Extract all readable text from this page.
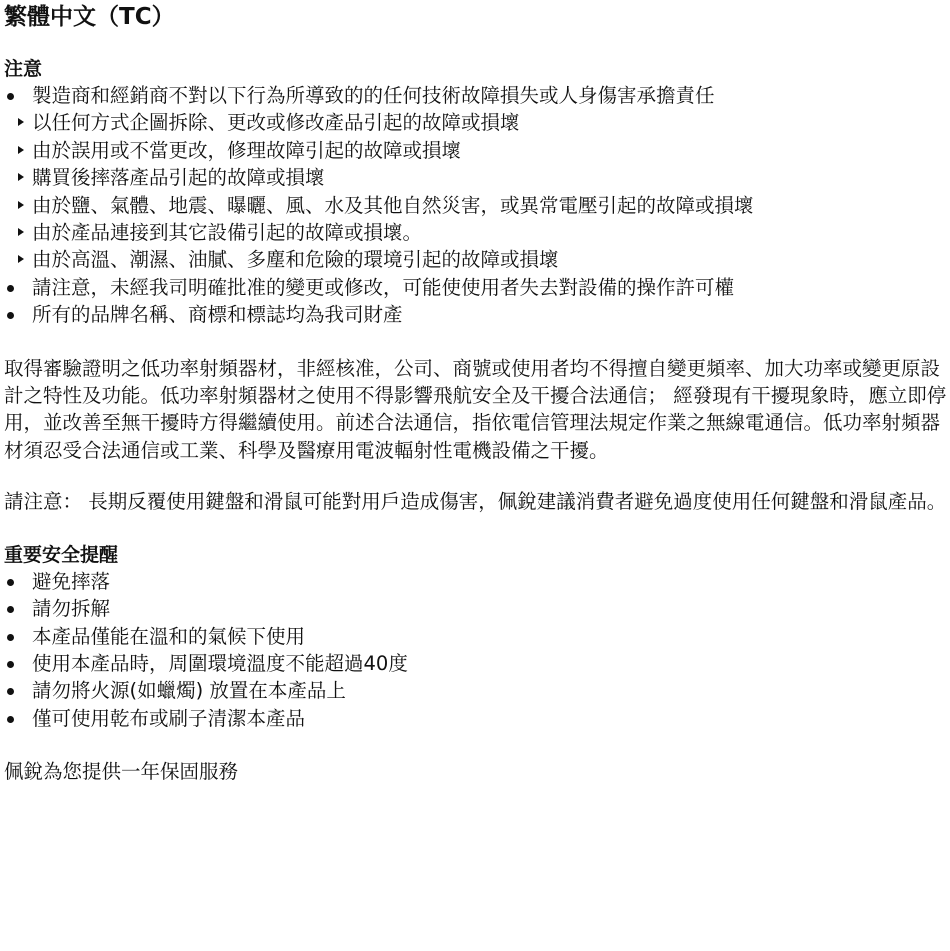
繁體中文（TC）
注意
製造商和經銷商不對以下行為所導致的的任何技術故障損失或人身傷害承擔責任
以任何方式企圖拆除、更改或修改產品引起的故障或損壞
由於誤用或不當更改，修理故障引起的故障或損壞
購買後摔落產品引起的故障或損壞
由於鹽、氣體、地震、曝曬、風、水及其他自然災害，或異常電壓引起的故障或損壞
由於產品連接到其它設備引起的故障或損壞。
由於高溫、潮濕、油膩、多塵和危險的環境引起的故障或損壞
請注意，未經我司明確批准的變更或修改，可能使使用者失去對設備的操作許可權
所有的品牌名稱、商標和標誌均為我司財產

取得審驗證明之低功率射頻器材，非經核准，公司、商號或使用者均不得擅自變更頻率、加大功率或變更原設計之特性及功能。低功率射頻器材之使用不得影響飛航安全及干擾合法通信； 經發現有干擾現象時，應立即停用，並改善至無干擾時方得繼續使用。前述合法通信，指依電信管理法規定作業之無線電通信。低功率射頻器材須忍受合法通信或工業、科學及醫療用電波輻射性電機設備之干擾。

請注意： 長期反覆使用鍵盤和滑鼠可能對用戶造成傷害，佩銳建議消費者避免過度使用任何鍵盤和滑鼠產品。

重要安全提醒
避免摔落
請勿拆解
本產品僅能在溫和的氣候下使用
使用本產品時，周圍環境溫度不能超過40度
請勿將火源(如蠟燭) 放置在本產品上
僅可使用乾布或刷子清潔本產品

佩銳為您提供一年保固服務
